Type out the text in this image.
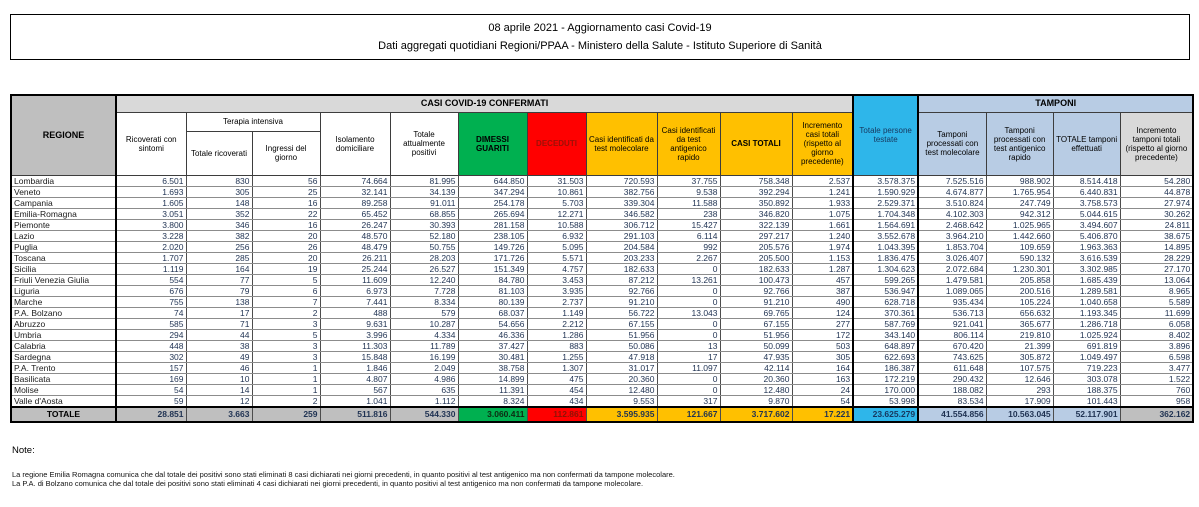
08 aprile 2021 - Aggiornamento casi Covid-19
Dati aggregati quotidiani Regioni/PPAA - Ministero della Salute - Istituto Superiore di Sanità
REGIONE	CASI COVID-19 CONFERMATI											Totale persone testate	TAMPONI			
	Ricoverati con sintomi	Terapia intensiva		Isolamento domiciliare	Totale attualmente positivi	DIMESSI GUARITI	DECEDUTI	Casi identificati da test molecolare	Casi identificati da test antigenico rapido	CASI TOTALI	Incremento casi totali (rispetto al giorno precedente)		Tamponi processati con test molecolare	Tamponi processati con test antigenico rapido	TOTALE tamponi effettuati	Incremento tamponi totali (rispetto al giorno precedente)
		Totale ricoverati	Ingressi del giorno													
Lombardia	6.501	830	56	74.664	81.995	644.850	31.503	720.593	37.755	758.348	2.537	3.578.375	7.525.516	988.902	8.514.418	54.280
Veneto	1.693	305	25	32.141	34.139	347.294	10.861	382.756	9.538	392.294	1.241	1.590.929	4.674.877	1.765.954	6.440.831	44.878
Campania	1.605	148	16	89.258	91.011	254.178	5.703	339.304	11.588	350.892	1.933	2.529.371	3.510.824	247.749	3.758.573	27.974
Emilia-Romagna	3.051	352	22	65.452	68.855	265.694	12.271	346.582	238	346.820	1.075	1.704.348	4.102.303	942.312	5.044.615	30.262
Piemonte	3.800	346	16	26.247	30.393	281.158	10.588	306.712	15.427	322.139	1.661	1.564.691	2.468.642	1.025.965	3.494.607	24.811
Lazio	3.228	382	20	48.570	52.180	238.105	6.932	291.103	6.114	297.217	1.240	3.552.678	3.964.210	1.442.660	5.406.870	38.675
Puglia	2.020	256	26	48.479	50.755	149.726	5.095	204.584	992	205.576	1.974	1.043.395	1.853.704	109.659	1.963.363	14.895
Toscana	1.707	285	20	26.211	28.203	171.726	5.571	203.233	2.267	205.500	1.153	1.836.475	3.026.407	590.132	3.616.539	28.229
Sicilia	1.119	164	19	25.244	26.527	151.349	4.757	182.633	0	182.633	1.287	1.304.623	2.072.684	1.230.301	3.302.985	27.170
Friuli Venezia Giulia	554	77	5	11.609	12.240	84.780	3.453	87.212	13.261	100.473	457	599.265	1.479.581	205.858	1.685.439	13.064
Liguria	676	79	6	6.973	7.728	81.103	3.935	92.766	0	92.766	387	536.947	1.089.065	200.516	1.289.581	8.965
Marche	755	138	7	7.441	8.334	80.139	2.737	91.210	0	91.210	490	628.718	935.434	105.224	1.040.658	5.589
P.A. Bolzano	74	17	2	488	579	68.037	1.149	56.722	13.043	69.765	124	370.361	536.713	656.632	1.193.345	11.699
Abruzzo	585	71	3	9.631	10.287	54.656	2.212	67.155	0	67.155	277	587.769	921.041	365.677	1.286.718	6.058
Umbria	294	44	5	3.996	4.334	46.336	1.286	51.956	0	51.956	172	343.140	806.114	219.810	1.025.924	8.402
Calabria	448	38	3	11.303	11.789	37.427	883	50.086	13	50.099	503	648.897	670.420	21.399	691.819	3.896
Sardegna	302	49	3	15.848	16.199	30.481	1.255	47.918	17	47.935	305	622.693	743.625	305.872	1.049.497	6.598
P.A. Trento	157	46	1	1.846	2.049	38.758	1.307	31.017	11.097	42.114	164	186.387	611.648	107.575	719.223	3.477
Basilicata	169	10	1	4.807	4.986	14.899	475	20.360	0	20.360	163	172.219	290.432	12.646	303.078	1.522
Molise	54	14	1	567	635	11.391	454	12.480	0	12.480	24	170.000	188.082	293	188.375	760
Valle d'Aosta	59	12	2	1.041	1.112	8.324	434	9.553	317	9.870	54	53.998	83.534	17.909	101.443	958
TOTALE	28.851	3.663	259	511.816	544.330	3.060.411	112.861	3.595.935	121.667	3.717.602	17.221	23.625.279	41.554.856	10.563.045	52.117.901	362.162
Note:
La regione Emilia Romagna comunica che dal totale dei positivi sono stati eliminati 8 casi dichiarati nei giorni precedenti, in quanto positivi al test antigenico ma non confermati da tampone molecolare.
La P.A. di Bolzano comunica che dal totale dei positivi sono stati eliminati 4 casi dichiarati nei giorni precedenti, in quanto positivi al test antigenico ma non confermati da tampone molecolare.
